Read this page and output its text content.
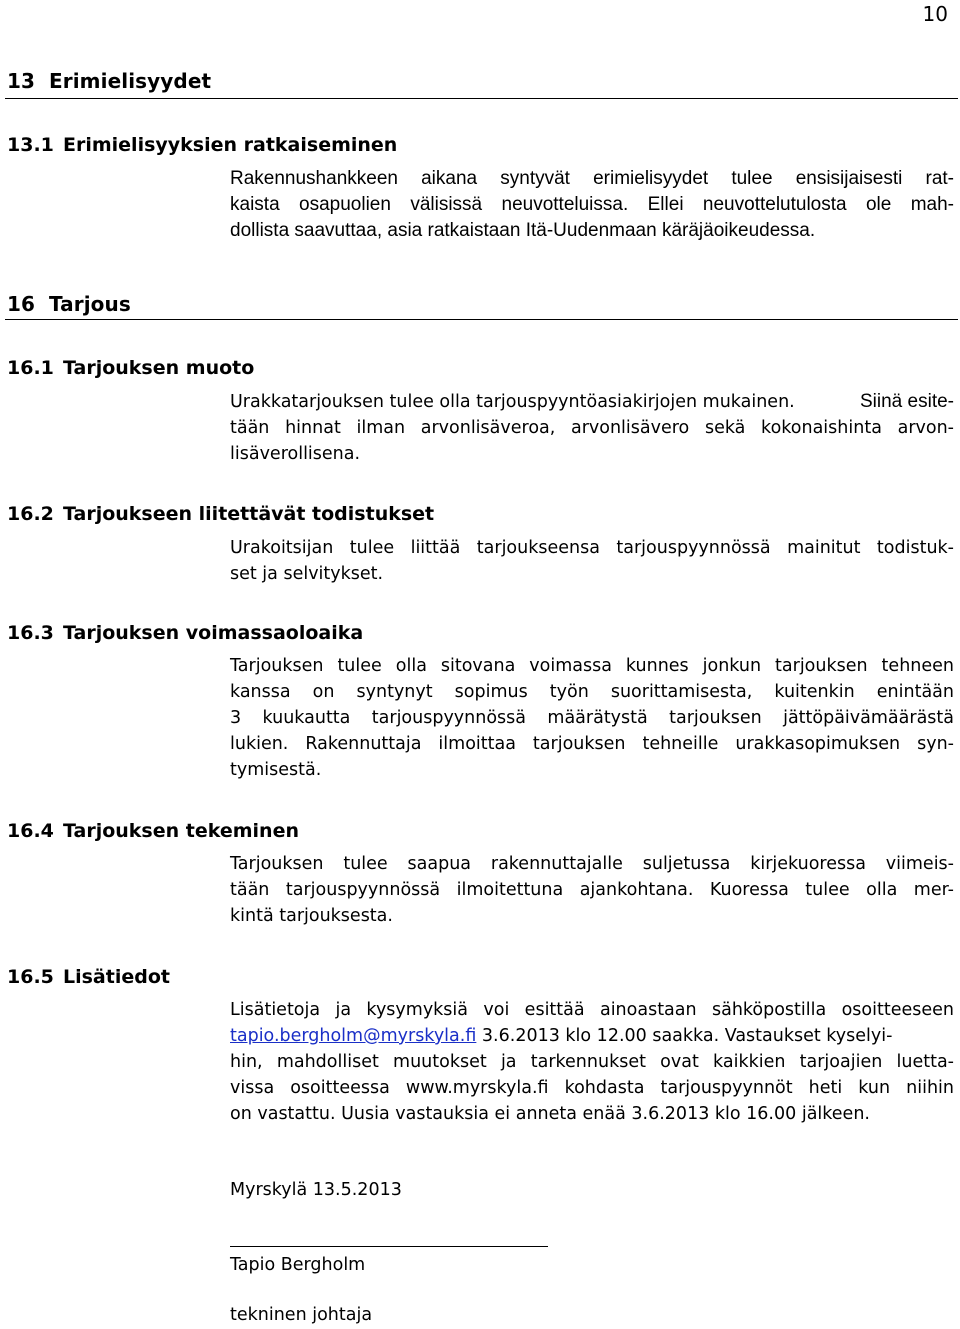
10
13 Erimielisyydet
13.1 Erimielisyyksien ratkaiseminen
Rakennushankkeen aikana syntyvät erimielisyydet tulee ensisijaisesti rat-
kaista osapuolien välisissä neuvotteluissa. Ellei neuvottelutulosta ole mah-
dollista saavuttaa, asia ratkaistaan Itä-Uudenmaan käräjäoikeudessa.
16 Tarjous
16.1 Tarjouksen muoto
Urakkatarjouksen tulee olla tarjouspyyntöasiakirjojen mukainen.	Siinä esite-
tään hinnat ilman arvonlisäveroa, arvonlisävero sekä kokonaishinta arvon-
lisäverollisena.
16.2 Tarjoukseen liitettävät todistukset
Urakoitsijan tulee liittää tarjoukseensa tarjouspyynnössä mainitut todistuk-
set ja selvitykset.
16.3 Tarjouksen voimassaoloaika
Tarjouksen tulee olla sitovana voimassa kunnes jonkun tarjouksen tehneen
kanssa on syntynyt sopimus työn suorittamisesta, kuitenkin enintään
3 kuukautta tarjouspyynnössä määrätystä tarjouksen jättöpäivämäärästä
lukien. Rakennuttaja ilmoittaa tarjouksen tehneille urakkasopimuksen syn-
tymisestä.
16.4 Tarjouksen tekeminen
Tarjouksen tulee saapua rakennuttajalle suljetussa kirjekuoressa viimeis-
tään tarjouspyynnössä ilmoitettuna ajankohtana. Kuoressa tulee olla mer-
kintä tarjouksesta.
16.5 Lisätiedot
Lisätietoja ja kysymyksiä voi esittää ainoastaan sähköpostilla osoitteeseen
tapio.bergholm@myrskyla.fi 3.6.2013 klo 12.00 saakka. Vastaukset kyselyi-
hin, mahdolliset muutokset ja tarkennukset ovat kaikkien tarjoajien luetta-
vissa osoitteessa www.myrskyla.fi kohdasta tarjouspyynnöt heti kun niihin
on vastattu. Uusia vastauksia ei anneta enää 3.6.2013 klo 16.00 jälkeen.
Myrskylä 13.5.2013
Tapio Bergholm
tekninen johtaja
